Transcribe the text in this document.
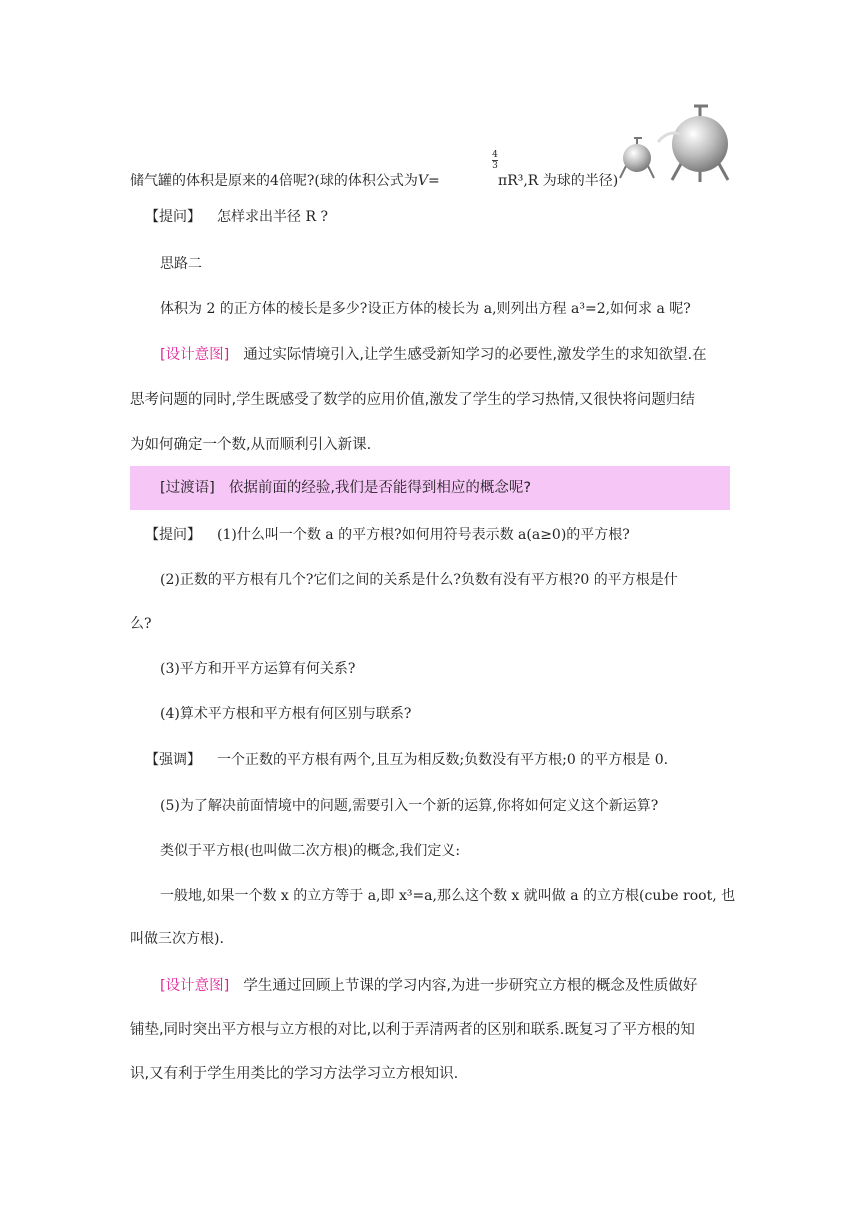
储气罐的体积是原来的4倍呢?(球的体积公式为V=
4
3
πR³,R 为球的半径)
【提问】 怎样求出半径 R ?
思路二
体积为 2 的正方体的棱长是多少?设正方体的棱长为 a,则列出方程 a³=2,如何求 a 呢?
[设计意图] 通过实际情境引入,让学生感受新知学习的必要性,激发学生的求知欲望.在
思考问题的同时,学生既感受了数学的应用价值,激发了学生的学习热情,又很快将问题归结
为如何确定一个数,从而顺利引入新课.
[过渡语] 依据前面的经验,我们是否能得到相应的概念呢?
【提问】 (1)什么叫一个数 a 的平方根?如何用符号表示数 a(a≥0)的平方根?
(2)正数的平方根有几个?它们之间的关系是什么?负数有没有平方根?0 的平方根是什
么?
(3)平方和开平方运算有何关系?
(4)算术平方根和平方根有何区别与联系?
【强调】 一个正数的平方根有两个,且互为相反数;负数没有平方根;0 的平方根是 0.
(5)为了解决前面情境中的问题,需要引入一个新的运算,你将如何定义这个新运算?
类似于平方根(也叫做二次方根)的概念,我们定义:
一般地,如果一个数 x 的立方等于 a,即 x³=a,那么这个数 x 就叫做 a 的立方根(cube root, 也
叫做三次方根).
[设计意图] 学生通过回顾上节课的学习内容,为进一步研究立方根的概念及性质做好
铺垫,同时突出平方根与立方根的对比,以利于弄清两者的区别和联系.既复习了平方根的知
识,又有利于学生用类比的学习方法学习立方根知识.
